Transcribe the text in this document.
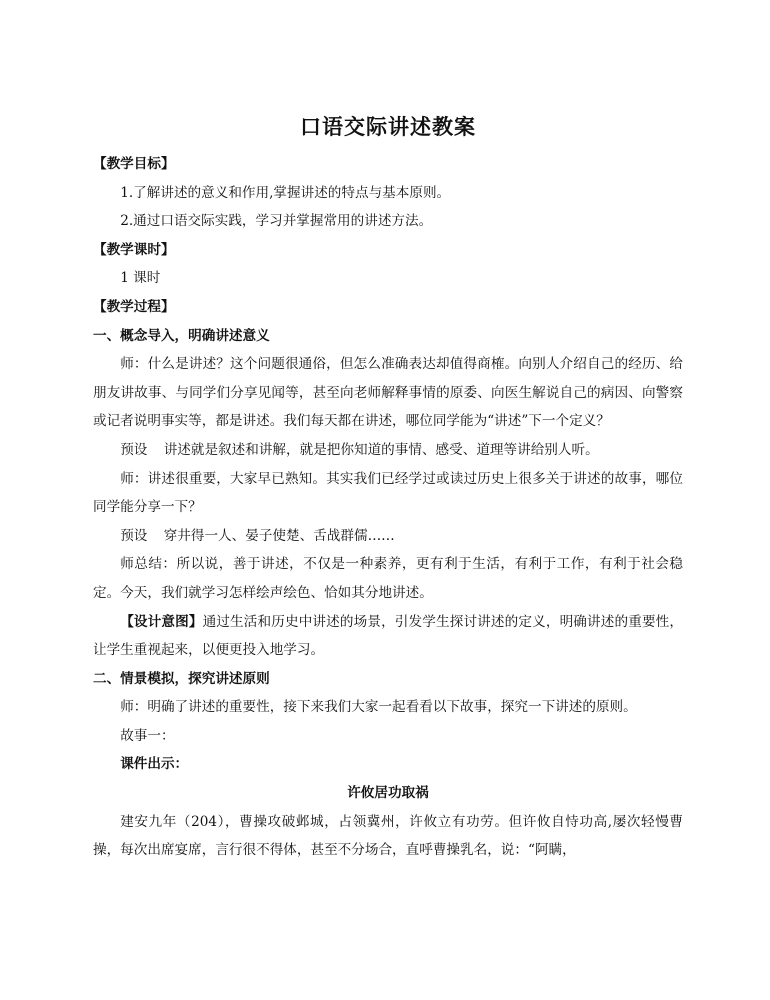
口语交际讲述教案
【教学目标】
1.了解讲述的意义和作用,掌握讲述的特点与基本原则。
2.通过口语交际实践，学习并掌握常用的讲述方法。
【教学课时】
1 课时
【教学过程】
一、概念导入，明确讲述意义
师：什么是讲述？这个问题很通俗，但怎么准确表达却值得商榷。向别人介绍自己的经历、给朋友讲故事、与同学们分享见闻等，甚至向老师解释事情的原委、向医生解说自己的病因、向警察或记者说明事实等，都是讲述。我们每天都在讲述，哪位同学能为“讲述”下一个定义？
预设 讲述就是叙述和讲解，就是把你知道的事情、感受、道理等讲给别人听。
师：讲述很重要，大家早已熟知。其实我们已经学过或读过历史上很多关于讲述的故事，哪位同学能分享一下？
预设 穿井得一人、晏子使楚、舌战群儒……
师总结：所以说，善于讲述，不仅是一种素养，更有利于生活，有利于工作，有利于社会稳定。今天，我们就学习怎样绘声绘色、恰如其分地讲述。
【设计意图】通过生活和历史中讲述的场景，引发学生探讨讲述的定义，明确讲述的重要性，让学生重视起来，以便更投入地学习。
二、情景模拟，探究讲述原则
师：明确了讲述的重要性，接下来我们大家一起看看以下故事，探究一下讲述的原则。
故事一：
课件出示：
许攸居功取祸
建安九年（204），曹操攻破邺城，占领冀州，许攸立有功劳。但许攸自恃功高,屡次轻慢曹操，每次出席宴席，言行很不得体，甚至不分场合，直呼曹操乳名，说：“阿瞒，
